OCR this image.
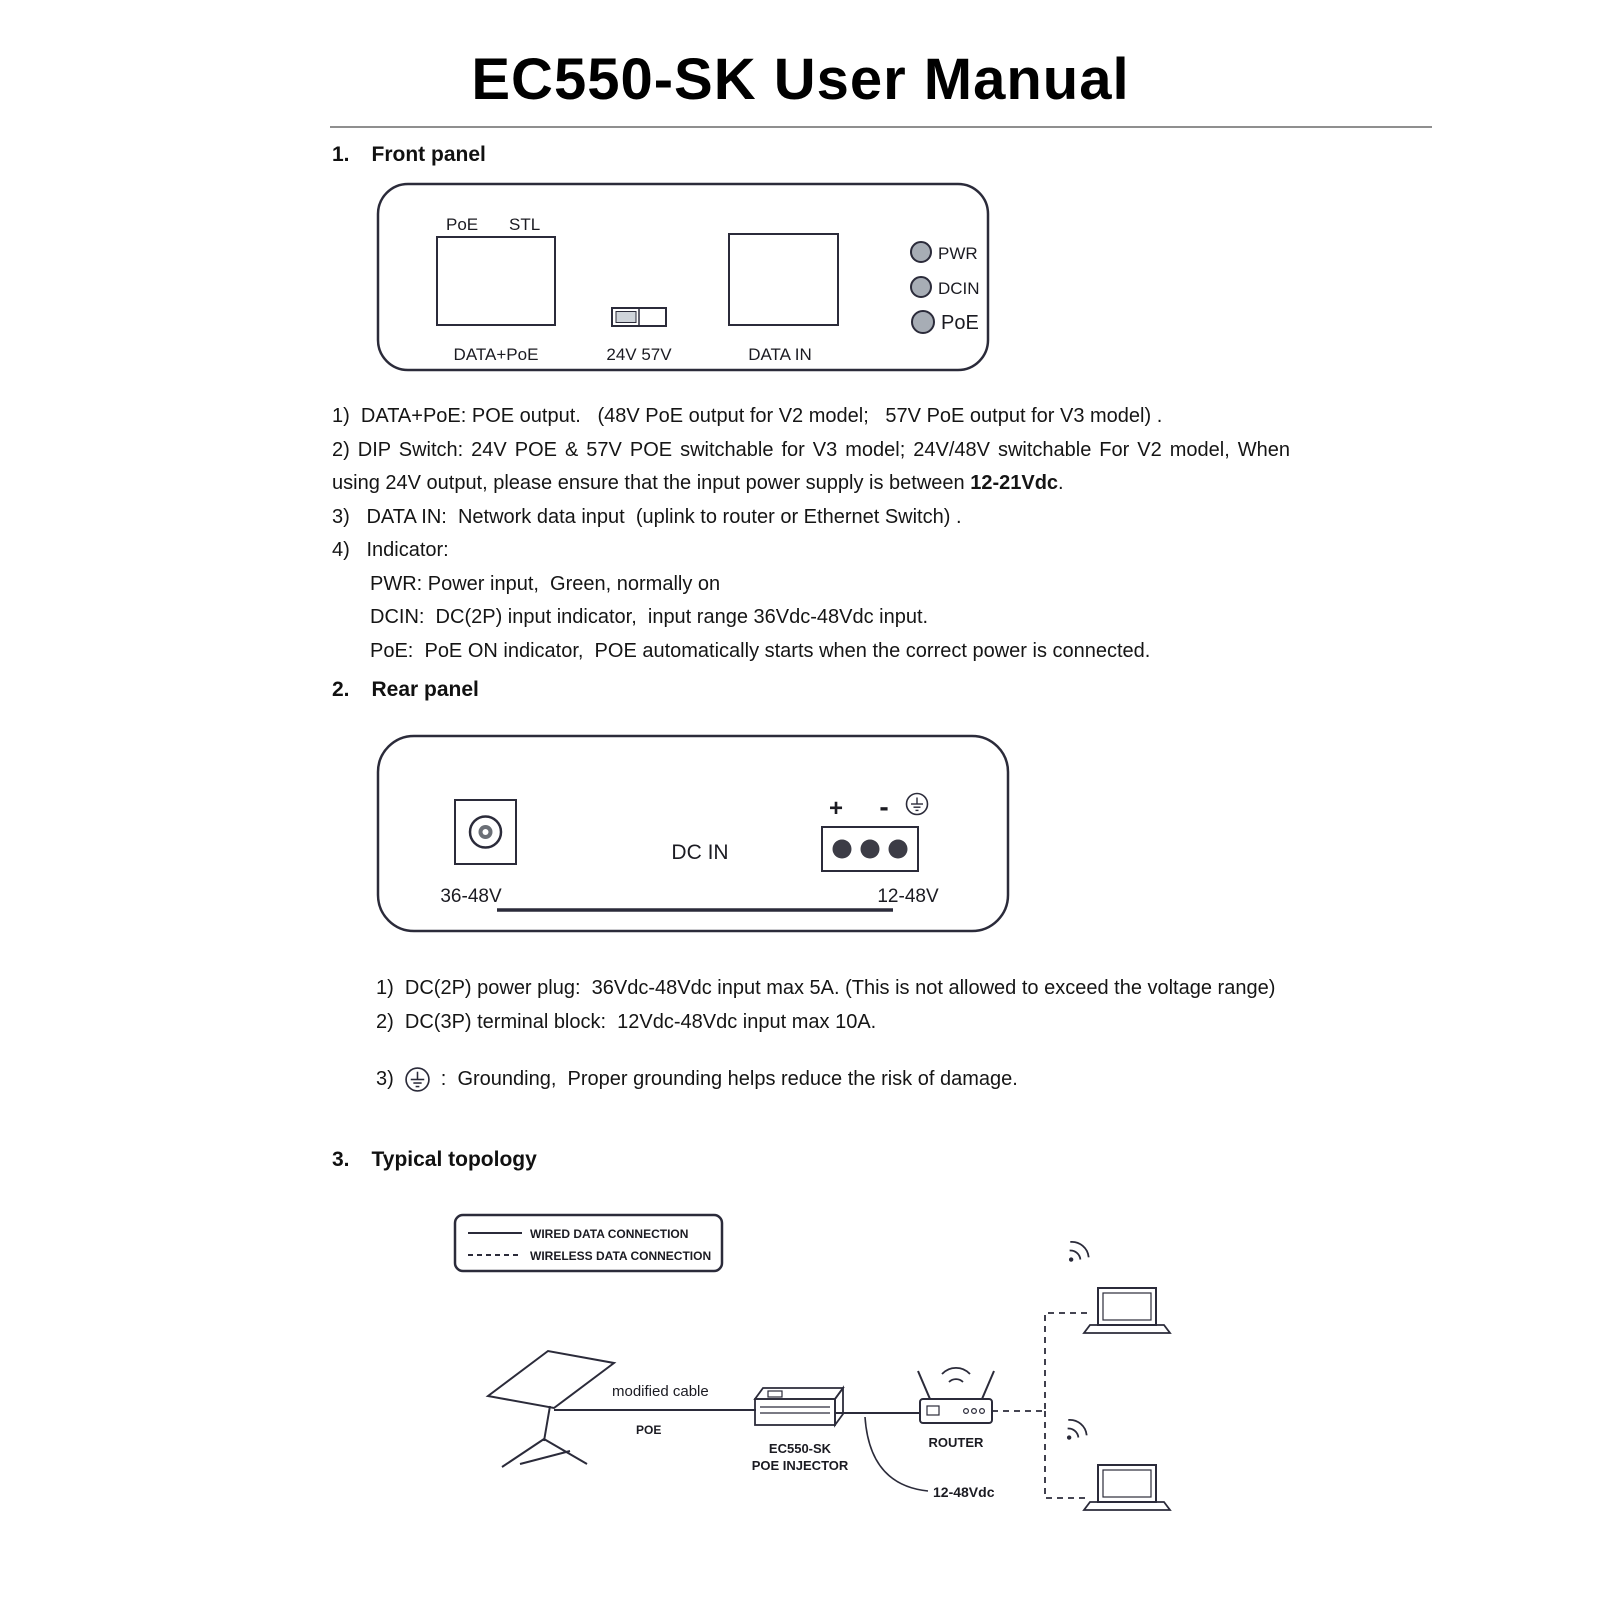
EC550-SK User Manual
1. Front panel
PoE STL
DATA+PoE	24V 57V	DATA IN
PWR
DCIN
PoE

1)  DATA+PoE: POE output.   (48V PoE output for V2 model;   57V PoE output for V3 model) .

2) DIP Switch: 24V POE & 57V POE switchable for V3 model; 24V/48V switchable For V2 model, When using 24V output, please ensure that the input power supply is between 12-21Vdc.

3)   DATA IN:  Network data input  (uplink to router or Ethernet Switch) .

4)   Indicator:

PWR: Power input,  Green, normally on

DCIN:  DC(2P) input indicator,  input range 36Vdc-48Vdc input.

PoE:  PoE ON indicator,  POE automatically starts when the correct power is connected.

2. Rear panel
36-48V
DC IN
+ -
12-48V

1)  DC(2P) power plug:  36Vdc-48Vdc input max 5A. (This is not allowed to exceed the voltage range)

2)  DC(3P) terminal block:  12Vdc-48Vdc input max 10A.

3) :  Grounding,  Proper grounding helps reduce the risk of damage.
3. Typical topology
WIRED DATA CONNECTION
WIRELESS DATA CONNECTION
modified cable
POE
EC550-SK
POE INJECTOR
12-48Vdc
ROUTER
